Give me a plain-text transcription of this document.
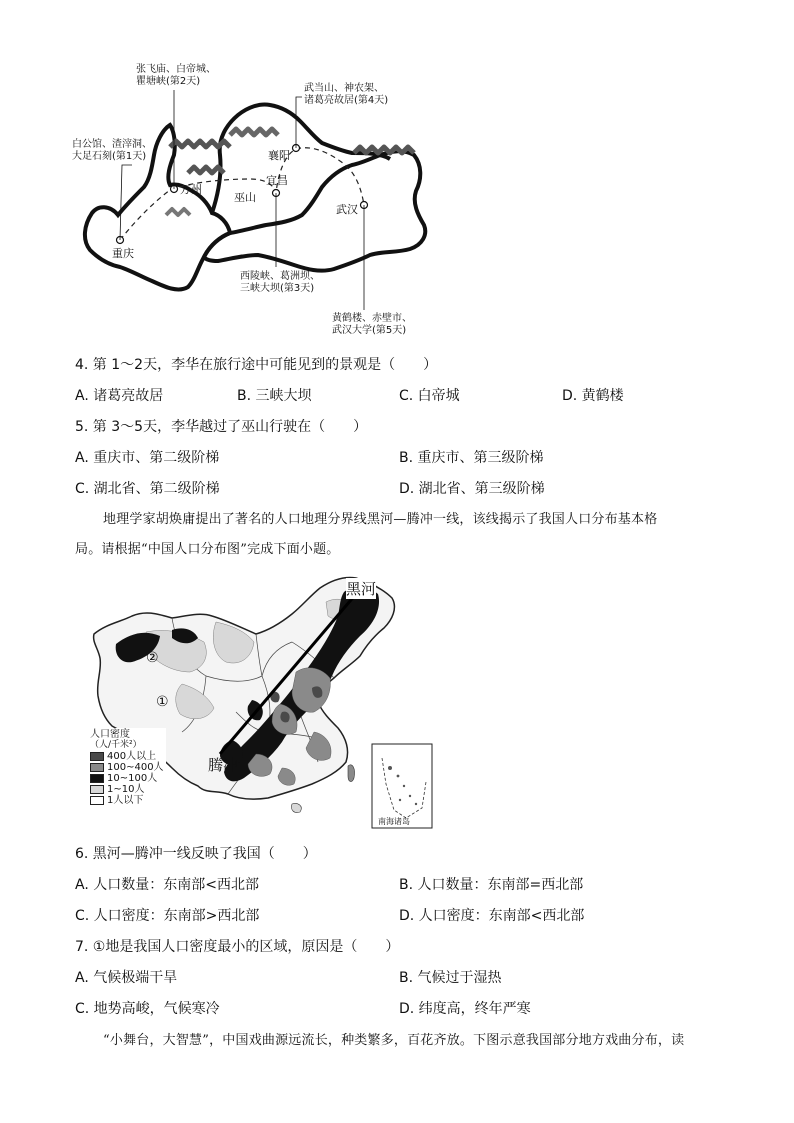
白公馆、渣滓洞、
大足石刻(第1天)
张飞庙、白帝城、
瞿塘峡(第2天)
西陵峡、葛洲坝、
三峡大坝(第3天)
武当山、神农架、
诸葛亮故居(第4天)
黄鹤楼、赤壁市、
武汉大学(第5天)
重庆
万州
巫山
宜昌
襄阳
武汉
4. 第 1～2天，李华在旅行途中可能见到的景观是（　　）
A. 诸葛亮故居	B. 三峡大坝	C. 白帝城	D. 黄鹤楼
5. 第 3～5天，李华越过了巫山行驶在（　　）
A. 重庆市、第二级阶梯	B. 重庆市、第三级阶梯
C. 湖北省、第二级阶梯	D. 湖北省、第三级阶梯
地理学家胡焕庸提出了著名的人口地理分界线黑河—腾冲一线，该线揭示了我国人口分布基本格
局。请根据“中国人口分布图”完成下面小题。
黑河
腾冲
①
②
南海诸岛
人口密度
（人/千米²）
400人以上
100~400人
10~100人
1~10人
1人以下
6. 黑河—腾冲一线反映了我国（　　）
A. 人口数量：东南部<西北部	B. 人口数量：东南部=西北部
C. 人口密度：东南部>西北部	D. 人口密度：东南部<西北部
7. ①地是我国人口密度最小的区域，原因是（　　）
A. 气候极端干旱	B. 气候过于湿热
C. 地势高峻，气候寒冷	D. 纬度高，终年严寒
“小舞台，大智慧”，中国戏曲源远流长，种类繁多，百花齐放。下图示意我国部分地方戏曲分布，读
